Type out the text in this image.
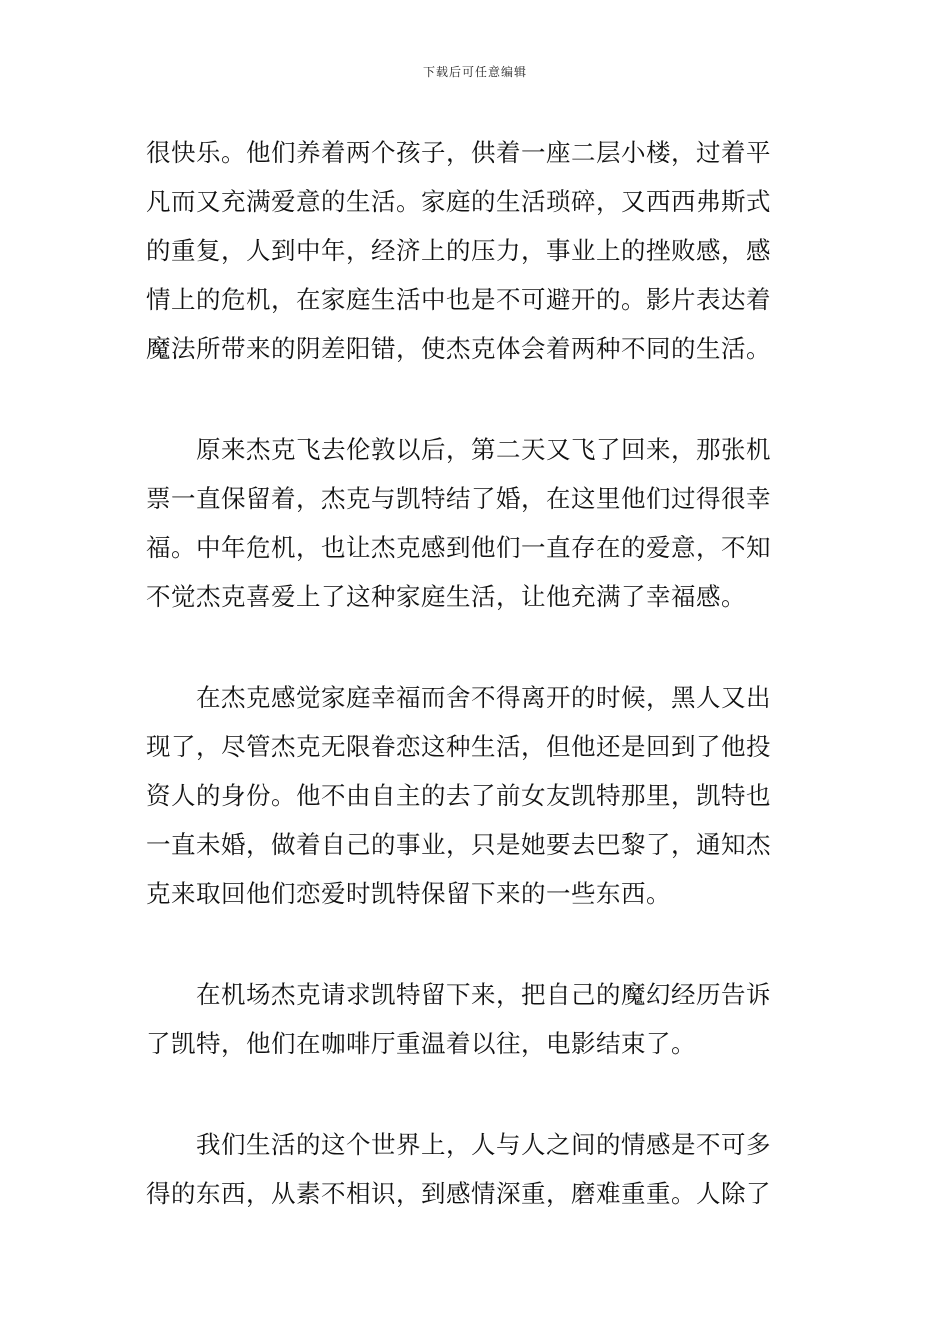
下载后可任意编辑
很快乐。他们养着两个孩子，供着一座二层小楼，过着平
凡而又充满爱意的生活。家庭的生活琐碎，又西西弗斯式
的重复，人到中年，经济上的压力，事业上的挫败感，感
情上的危机，在家庭生活中也是不可避开的。影片表达着
魔法所带来的阴差阳错，使杰克体会着两种不同的生活。
　　原来杰克飞去伦敦以后，第二天又飞了回来，那张机
票一直保留着，杰克与凯特结了婚，在这里他们过得很幸
福。中年危机，也让杰克感到他们一直存在的爱意，不知
不觉杰克喜爱上了这种家庭生活，让他充满了幸福感。
　　在杰克感觉家庭幸福而舍不得离开的时候，黑人又出
现了，尽管杰克无限眷恋这种生活，但他还是回到了他投
资人的身份。他不由自主的去了前女友凯特那里，凯特也
一直未婚，做着自己的事业，只是她要去巴黎了，通知杰
克来取回他们恋爱时凯特保留下来的一些东西。
　　在机场杰克请求凯特留下来，把自己的魔幻经历告诉
了凯特，他们在咖啡厅重温着以往，电影结束了。
　　我们生活的这个世界上，人与人之间的情感是不可多
得的东西，从素不相识，到感情深重，磨难重重。人除了
